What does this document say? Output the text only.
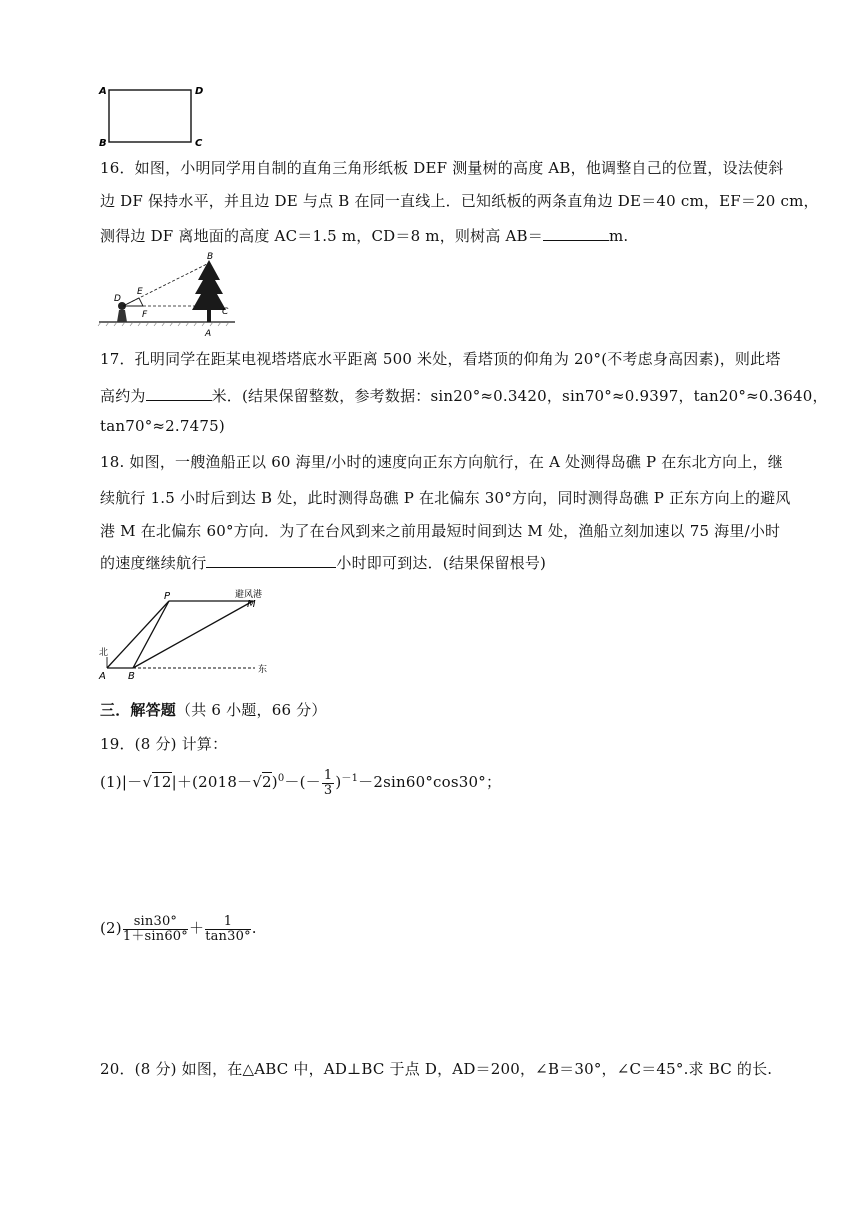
A	D
B	C
16．如图，小明同学用自制的直角三角形纸板 DEF 测量树的高度 AB，他调整自己的位置，设法使斜
边 DF 保持水平，并且边 DE 与点 B 在同一直线上．已知纸板的两条直角边 DE＝40 cm，EF＝20 cm，
测得边 DF 离地面的高度 AC＝1.5 m，CD＝8 m，则树高 AB＝	m.
B
D
E
F	C
A
17．孔明同学在距某电视塔塔底水平距离 500 米处，看塔顶的仰角为 20°(不考虑身高因素)，则此塔
高约为	米．(结果保留整数，参考数据：sin20°≈0.3420，sin70°≈0.9397，tan20°≈0.3640，
tan70°≈2.7475)
18. 如图，一艘渔船正以 60 海里/小时的速度向正东方向航行，在 A 处测得岛礁 P 在东北方向上，继
续航行 1.5 小时后到达 B 处，此时测得岛礁 P 在北偏东 30°方向，同时测得岛礁 P 正东方向上的避风
港 M 在北偏东 60°方向．为了在台风到来之前用最短时间到达 M 处，渔船立刻加速以 75 海里/小时
的速度继续航行	小时即可到达．(结果保留根号)
P	避风港
M
北
A B
东
三．解答题（共 6 小题，66 分）
19．(8 分) 计算：
$(1)|-√12|+(2018-√2)^0-(- \frac{1}{3} )^{-1}-2\sin 60^\circ\cos 30^\circ$；
$(2) \frac{\sin 30^\circ}{1+\sin 60^\circ} + \frac{1}{\tan 30^\circ}$ .
20．(8 分) 如图，在△ABC 中，AD⊥BC 于点 D，AD＝200，∠B＝30°，∠C＝45°.求 BC 的长.
